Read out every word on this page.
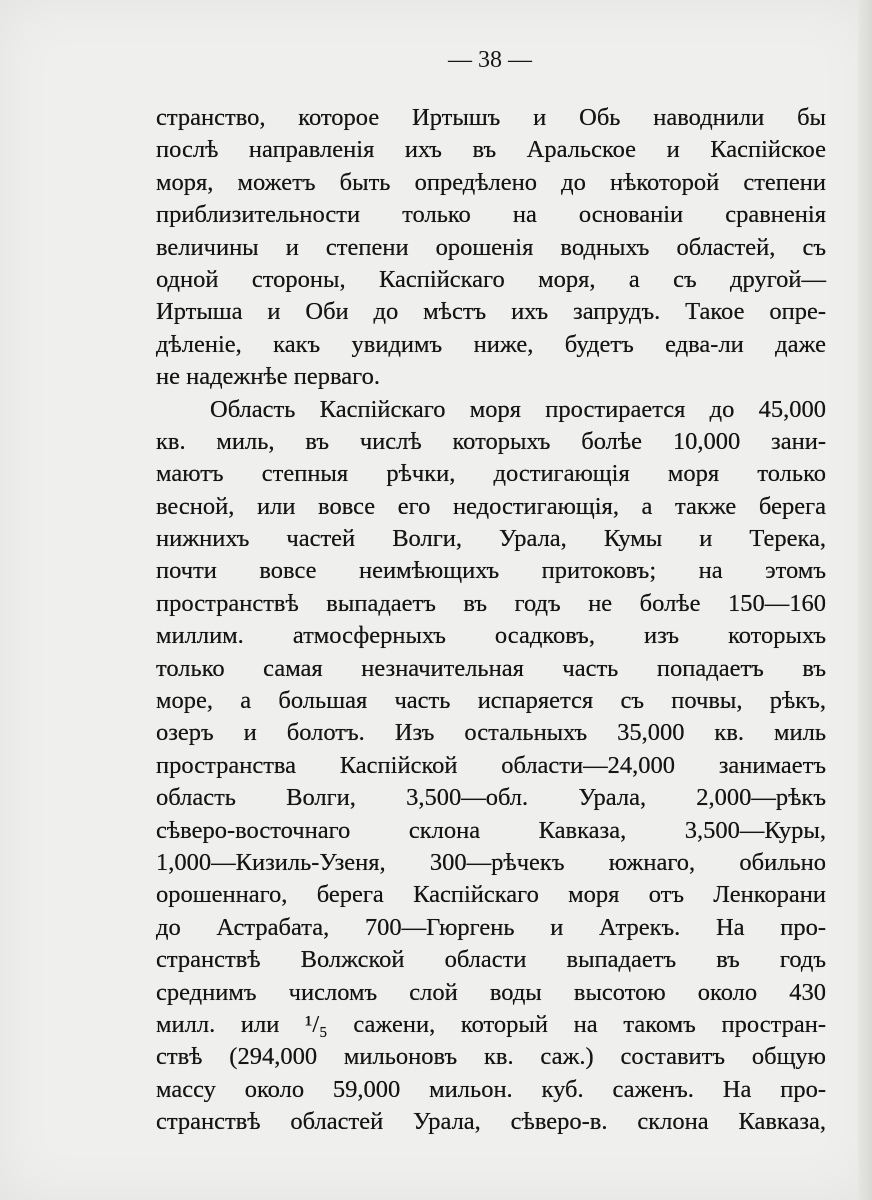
— 38 —
странство, которое Иртышъ и Обь наводнили бы
послѣ направленія ихъ въ Аральское и Каспійское
моря, можетъ быть опредѣлено до нѣкоторой степени
приблизительности только на основаніи сравненія
величины и степени орошенія водныхъ областей, съ
одной стороны, Каспійскаго моря, а съ другой—
Иртыша и Оби до мѣстъ ихъ запрудъ. Такое опре-
дѣленіе, какъ увидимъ ниже, будетъ едва-ли даже
не надежнѣе перваго.
Область Каспійскаго моря простирается до 45,000
кв. миль, въ числѣ которыхъ болѣе 10,000 зани-
маютъ степныя рѣчки, достигающія моря только
весной, или вовсе его недостигающія, а также берега
нижнихъ частей Волги, Урала, Кумы и Терека,
почти вовсе неимѣющихъ притоковъ; на этомъ
пространствѣ выпадаетъ въ годъ не болѣе 150—160
миллим. атмосферныхъ осадковъ, изъ которыхъ
только самая незначительная часть попадаетъ въ
море, а большая часть испаряется съ почвы, рѣкъ,
озеръ и болотъ. Изъ остальныхъ 35,000 кв. миль
пространства Каспійской области—24,000 занимаетъ
область Волги, 3,500—обл. Урала, 2,000—рѣкъ
сѣверо-восточнаго склона Кавказа, 3,500—Куры,
1,000—Кизиль-Узеня, 300—рѣчекъ южнаго, обильно
орошеннаго, берега Каспійскаго моря отъ Ленкорани
до Астрабата, 700—Гюргень и Атрекъ. На про-
странствѣ Волжской области выпадаетъ въ годъ
среднимъ числомъ слой воды высотою около 430
милл. или ¹/₅ сажени, который на такомъ простран-
ствѣ (294,000 мильоновъ кв. саж.) составитъ общую
массу около 59,000 мильон. куб. саженъ. На про-
странствѣ областей Урала, сѣверо-в. склона Кавказа,
